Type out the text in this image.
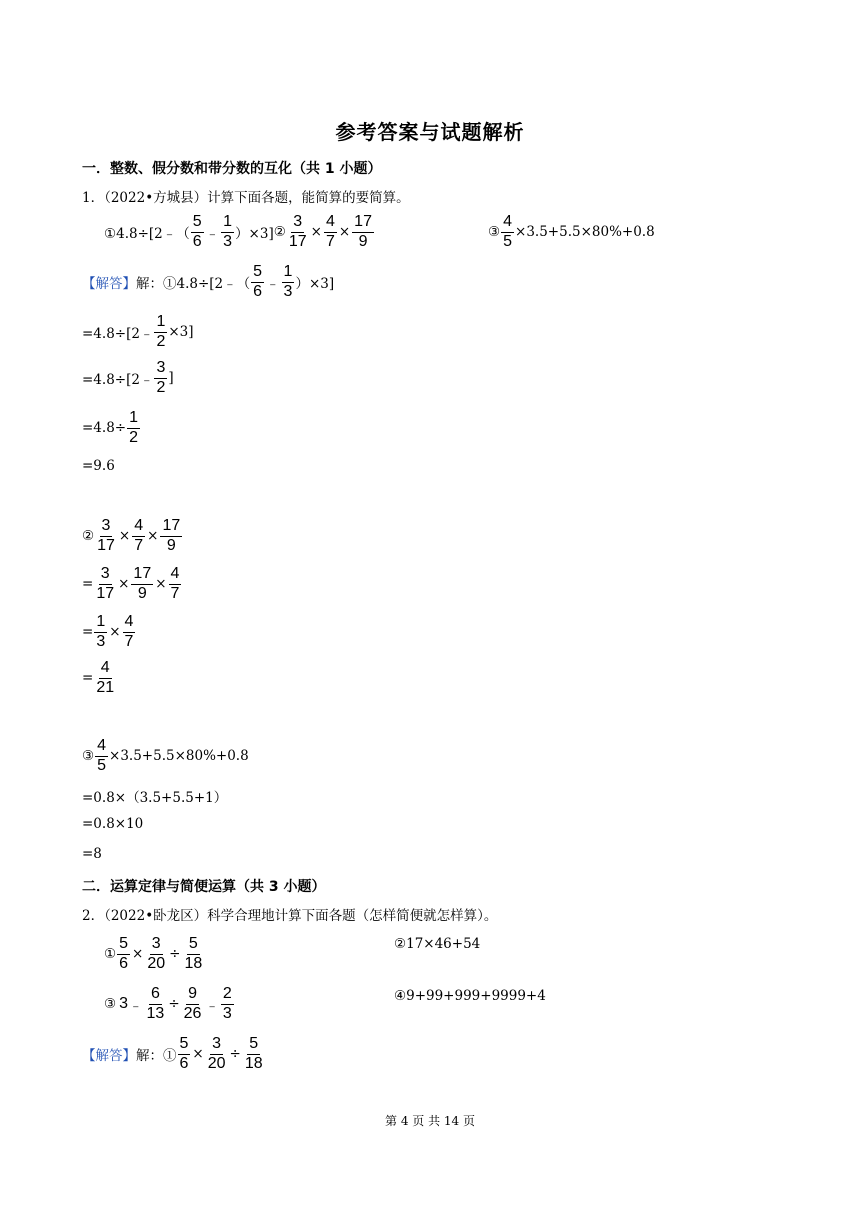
参考答案与试题解析
一．整数、假分数和带分数的互化（共 1 小题）
1．（2022•方城县）计算下面各题，能简算的要简算。
①4.8÷[2﹣（ $\frac{5}{6}$ ﹣ $\frac{1}{3} )\times 3$] ② $\frac{3}{17} \times \frac{4}{7} \times \frac{17}{9}$	③ $\frac{4}{5} \times 3.5+5.5\times 80\%+0.8$
【解答】 解：①4.8÷[2﹣（ $\frac{5}{6}$ ﹣ $\frac{1}{3} )\times 3$]
=4.8÷[2﹣ $\frac{1}{2} \times 3$]
=4.8÷[2﹣ $\frac{3}{2}$ ]
$=4.8\div \frac{1}{2}$
=9.6
② $\frac{3}{17} \times \frac{4}{7} \times \frac{17}{9}$
= $\frac{3}{17} \times \frac{17}{9} \times \frac{4}{7}$
= $\frac{1}{3} \times \frac{4}{7}$
= $\frac{4}{21}$
③ $\frac{4}{5} \times 3.5+5.5\times 80\%+0.8$
=0.8×（3.5+5.5+1）
=0.8×10
=8
二．运算定律与简便运算（共 3 小题）
2．（2022•卧龙区）科学合理地计算下面各题（怎样简便就怎样算）。
① $\frac{5}{6} \times \frac{3}{20} \div \frac{5}{18}$	②17×46+54
③ 3 ﹣ $\frac{6}{13} \div \frac{9}{26}$ ﹣ $\frac{2}{3}$	④9+99+999+9999+4
【解答】 解：① $\frac{5}{6} \times \frac{3}{20} \div \frac{5}{18}$
第 4 页 共 14 页
